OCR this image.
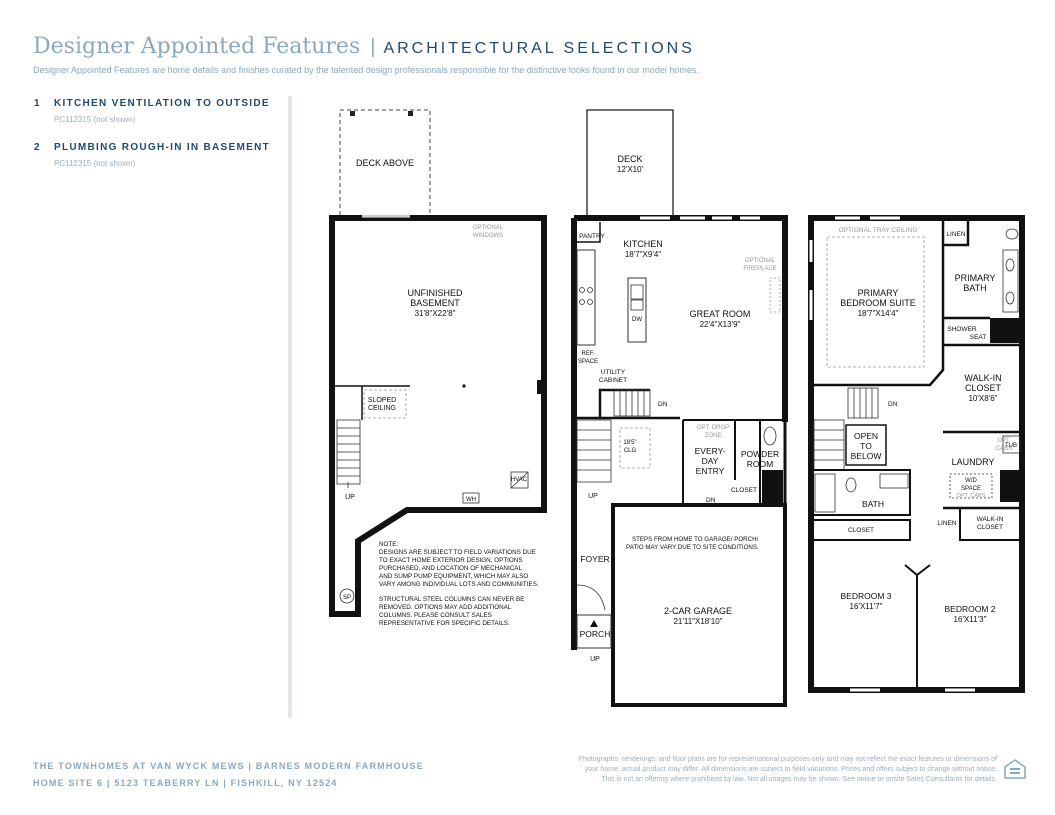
Designer Appointed Features | ARCHITECTURAL SELECTIONS
Designer Appointed Features are home details and finishes curated by the talented design professionals responsible for the distinctive looks found in our model homes.
1	KITCHEN VENTILATION TO OUTSIDE
PC112315 (not shown)
2	PLUMBING ROUGH-IN IN BASEMENT
PC112315 (not shown)	DECK ABOVE
OPTIONAL
WINDOWS
UNFINISHED
BASEMENT
31'8"X22'8"
SLOPED
CEILING
UP
HVAC
WH
SP
NOTE:
DESIGNS ARE SUBJECT TO FIELD VARIATIONS DUE
TO EXACT HOME EXTERIOR DESIGN, OPTIONS
PURCHASED, AND LOCATION OF MECHANICAL
AND SUMP PUMP EQUIPMENT, WHICH MAY ALSO
VARY AMONG INDIVIDUAL LOTS AND COMMUNITIES.
STRUCTURAL STEEL COLUMNS CAN NEVER BE
REMOVED. OPTIONS MAY ADD ADDITIONAL
COLUMNS. PLEASE CONSULT SALES
REPRESENTATIVE FOR SPECIFIC DETAILS.
DECK
12'X10'
PANTRY
KITCHEN
18'7"X9'4"
OPTIONAL
FIREPLACE
DW
REF.
SPACE
UTILITY
CABINET
GREAT ROOM
22'4"X13'9"
DN
UP
18'5"
CLG
OPT. DROP
ZONE
EVERY-
DAY
ENTRY
POWDER
ROOM
CLOSET
DN
FOYER
PORCH
UP
STEPS FROM HOME TO GARAGE/ PORCH/
PATIO MAY VARY DUE TO SITE CONDITIONS.
2-CAR GARAGE
21'11"X18'10"
OPTIONAL TRAY CEILING
PRIMARY
BEDROOM SUITE
18'7"X14'4"
LINEN
PRIMARY
BATH
SHOWER
SEAT
WALK-IN
CLOSET
10'X8'6"
DN
OPEN
TO
BELOW
OPT.
CABS
TUB
LAUNDRY
W/D
SPACE
OPT. CABS
BATH
CLOSET
LINEN
WALK-IN
CLOSET
BEDROOM 3
16'X11'7"	BEDROOM 2
16'X11'3"
THE TOWNHOMES AT VAN WYCK MEWS | BARNES MODERN FARMHOUSE
HOME SITE 6 | 5123 TEABERRY LN | FISHKILL, NY 12524
Photographs, renderings, and floor plans are for representational purposes only and may not reflect the exact features or dimensions of
your home; actual product may differ. All dimensions are subject to field variations. Prices and offers subject to change without notice.
This is not an offering where prohibited by law. Not all images may be shown. See online or onsite Sales Consultants for details.
